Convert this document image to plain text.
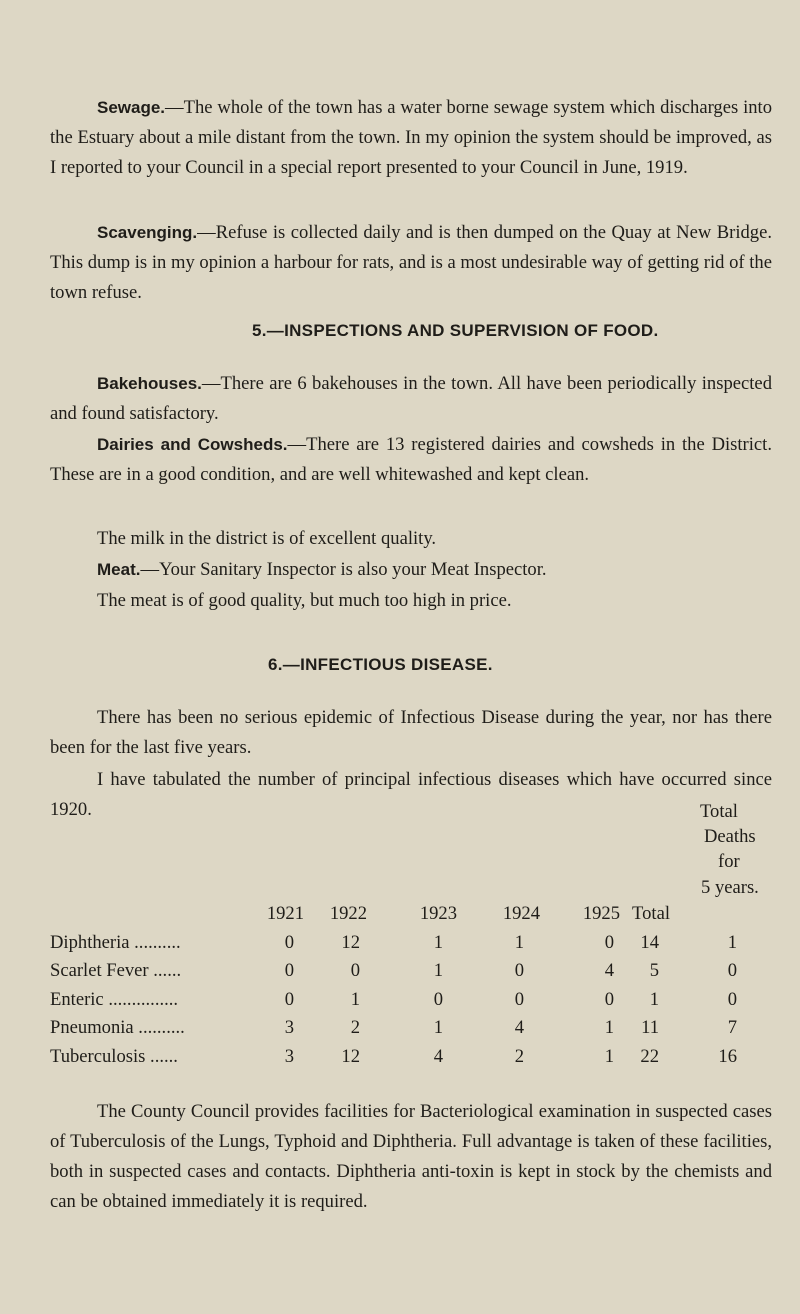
Sewage.—The whole of the town has a water borne sewage system which discharges into the Estuary about a mile distant from the town. In my opinion the system should be improved, as I reported to your Council in a special report presented to your Council in June, 1919.

Scavenging.—Refuse is collected daily and is then dumped on the Quay at New Bridge. This dump is in my opinion a harbour for rats, and is a most undesirable way of getting rid of the town refuse.

5.—INSPECTIONS AND SUPERVISION OF FOOD.

Bakehouses.—There are 6 bakehouses in the town. All have been periodically inspected and found satisfactory.

Dairies and Cowsheds.—There are 13 registered dairies and cowsheds in the District. These are in a good condition, and are well whitewashed and kept clean.

The milk in the district is of excellent quality.

Meat.—Your Sanitary Inspector is also your Meat Inspector.

The meat is of good quality, but much too high in price.

6.—INFECTIOUS DISEASE.

There has been no serious epidemic of Infectious Disease during the year, nor has there been for the last five years.

I have tabulated the number of principal infectious diseases which have occurred since 1920.	Total
Deaths
for
5 years.
1921	1922	1923	1924	1925 Total
Diphtheria ..........	0	12	1	1	0	14	1
Scarlet Fever ......	0	0	1	0	4	5	0
Enteric ...............	0	1	0	0	0	1	0
Pneumonia ..........	3	2	1	4	1	11	7
Tuberculosis ......	3	12	4	2	1	22	16

The County Council provides facilities for Bacteriological examination in suspected cases of Tuberculosis of the Lungs, Typhoid and Diphtheria. Full advantage is taken of these facilities, both in suspected cases and contacts. Diphtheria anti-toxin is kept in stock by the chemists and can be obtained immediately it is required.
